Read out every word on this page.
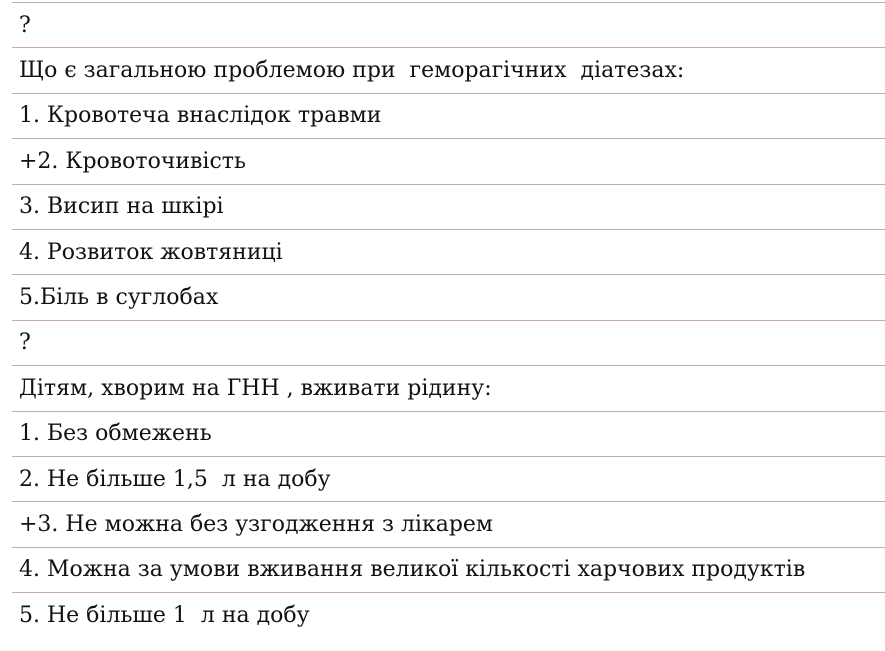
?
Що є загальною проблемою при  геморагічних  діатезах:
1. Кровотеча внаслідок травми
+2. Кровоточивість
3. Висип на шкірі
4. Розвиток жовтяниці
5.Біль в суглобах
?
Дітям, хворим на ГНН , вживати рідину:
1. Без обмежень
2. Не більше 1,5  л на добу
+3. Не можна без узгодження з лікарем
4. Можна за умови вживання великої кількості харчових продуктів
5. Не більше 1  л на добу
